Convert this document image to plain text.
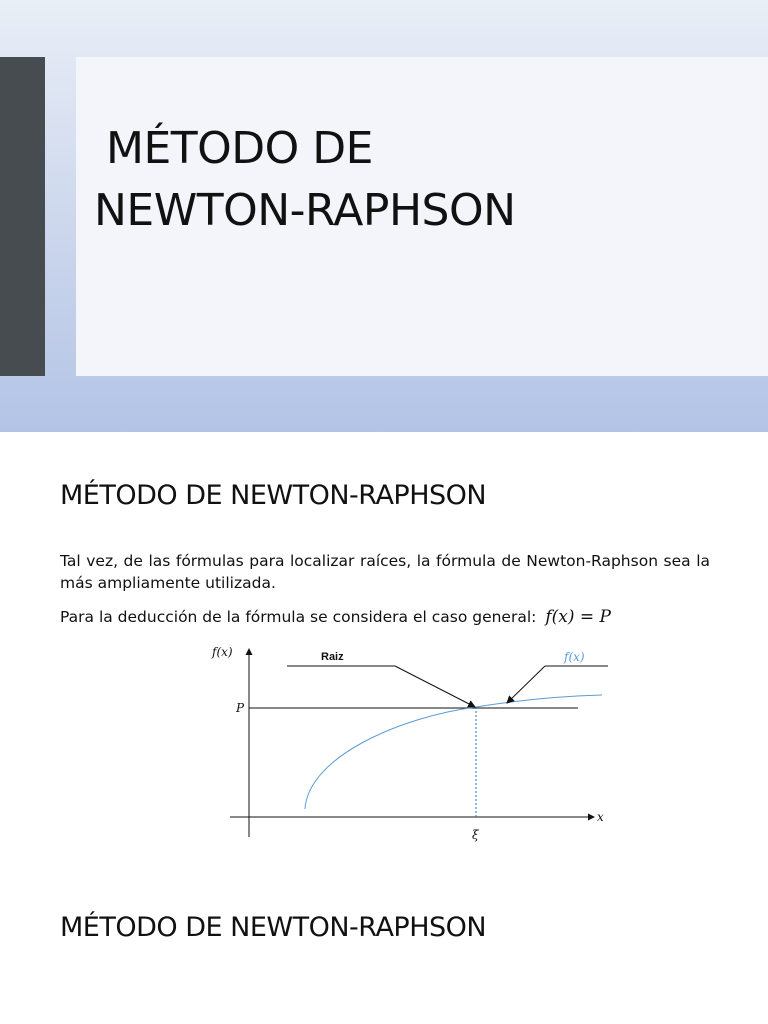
MÉTODO DE
NEWTON-RAPHSON
MÉTODO DE NEWTON-RAPHSON
Tal vez, de las fórmulas para localizar raíces, la fórmula de Newton-Raphson sea la más ampliamente utilizada.
Para la deducción de la fórmula se considera el caso general: f(x) = P
f(x)
P
Raiz	f(x)
x
ξ
MÉTODO DE NEWTON-RAPHSON
